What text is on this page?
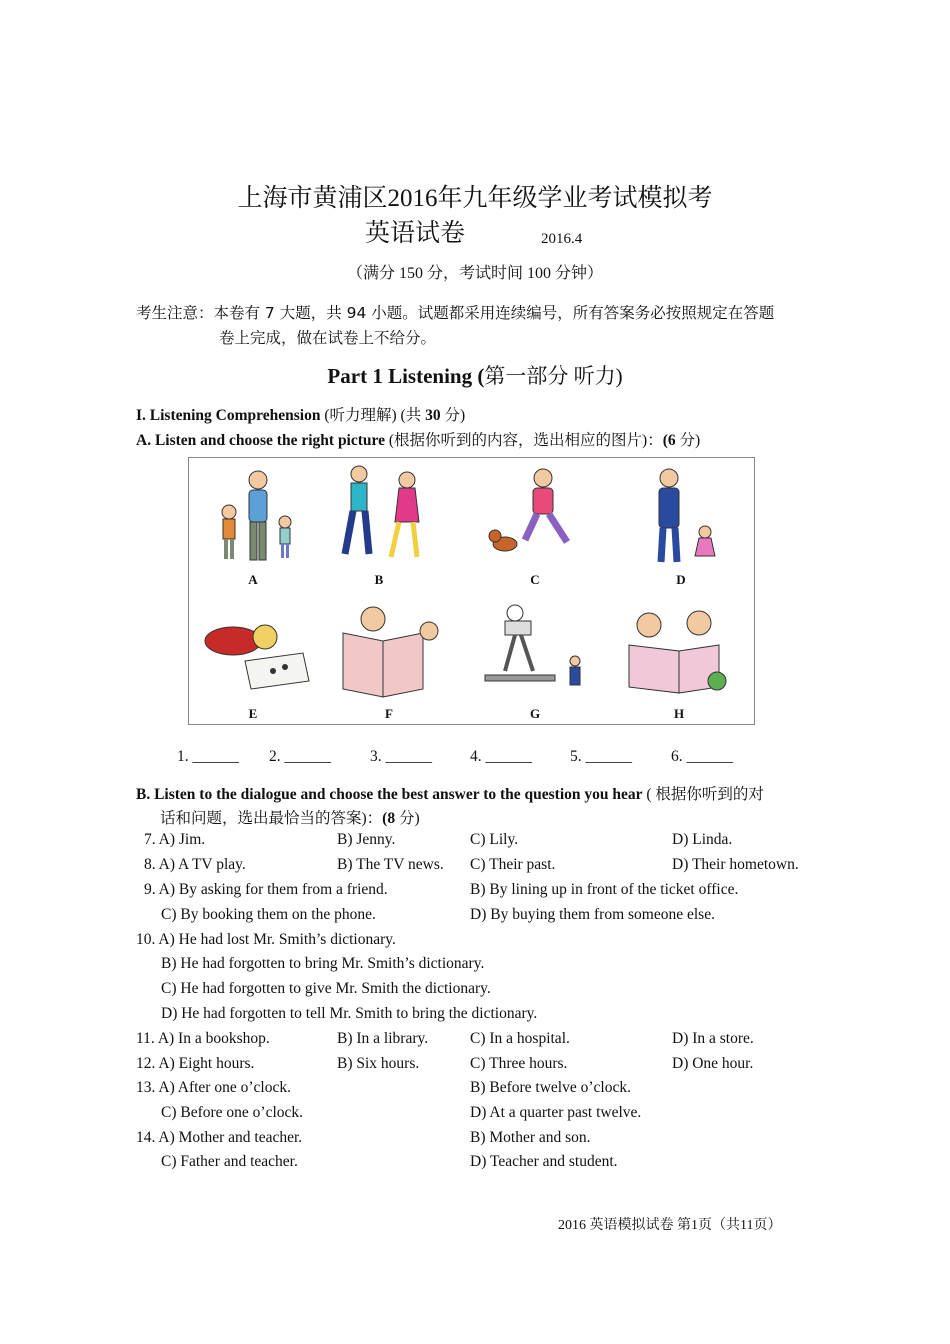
上海市黄浦区2016年九年级学业考试模拟考
英语试卷	2016.4
（满分 150 分，考试时间 100 分钟）
考生注意：本卷有 7 大题，共 94 小题。试题都采用连续编号，所有答案务必按照规定在答题
卷上完成，做在试卷上不给分。
Part 1 Listening (第一部分 听力)
I. Listening Comprehension (听力理解) (共 30 分)
A. Listen and choose the right picture (根据你听到的内容，选出相应的图片)：(6 分)
A	B	C	D
E	F	G	H
1. ______ 2. ______	3. ______ 4. ______ 5. ______	6. ______
B. Listen to the dialogue and choose the best answer to the question you hear ( 根据你听到的对
话和问题，选出最恰当的答案)：(8 分)
7. A) Jim.	B) Jenny.	C) Lily.	D) Linda.
8. A) A TV play.	B) The TV news. C) Their past.	D) Their hometown.
9. A) By asking for them from a friend.	B) By lining up in front of the ticket office.
C) By booking them on the phone.	D) By buying them from someone else.
10. A) He had lost Mr. Smith’s dictionary.
B) He had forgotten to bring Mr. Smith’s dictionary.
C) He had forgotten to give Mr. Smith the dictionary.
D) He had forgotten to tell Mr. Smith to bring the dictionary.
11. A) In a bookshop.	B) In a library.	C) In a hospital.	D) In a store.
12. A) Eight hours.	B) Six hours.	C) Three hours.	D) One hour.
13. A) After one o’clock.	B) Before twelve o’clock.
C) Before one o’clock.	D) At a quarter past twelve.
14. A) Mother and teacher.	B) Mother and son.
C) Father and teacher.	D) Teacher and student.
2016 英语模拟试卷 第1页（共11页）
